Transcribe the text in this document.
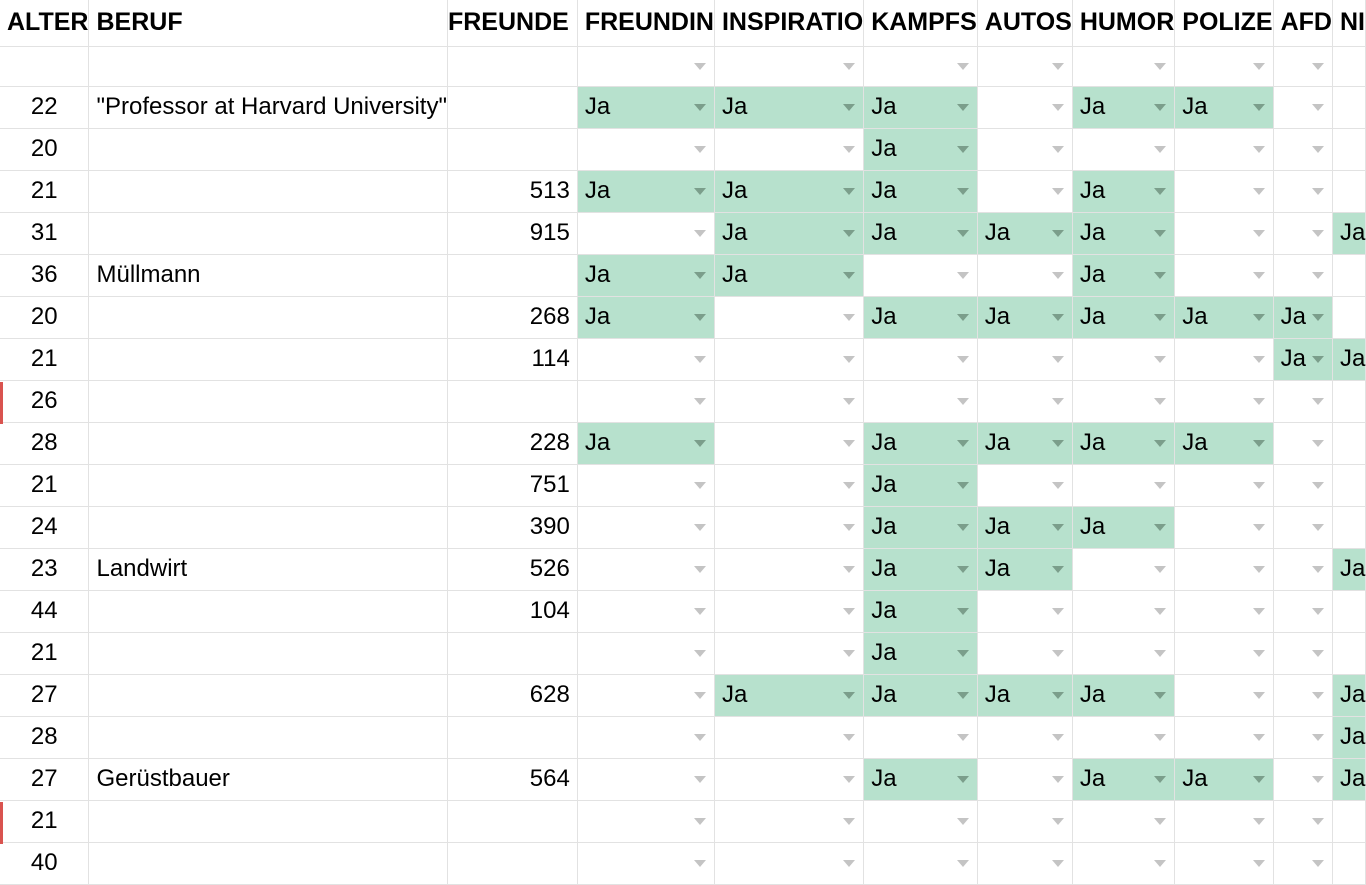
ALTER	BERUF	FREUNDE	FREUNDIN	INSPIRATIO	KAMPFS	AUTOS	HUMOR	POLIZE	AFD	NI

22	"Professor at Harvard University"		Ja	Ja	Ja		Ja	Ja

20					Ja

21		513	Ja	Ja	Ja		Ja

31		915		Ja	Ja	Ja	Ja			Ja
36	Müllmann		Ja	Ja			Ja

20		268	Ja		Ja	Ja	Ja	Ja	Ja

21		114							Ja	Ja
26			

28		228	Ja		Ja	Ja	Ja	Ja

21		751			Ja

24		390			Ja	Ja	Ja

23	Landwirt	526			Ja	Ja				Ja
44		104			Ja

21					Ja

27		628		Ja	Ja	Ja	Ja			Ja
28										Ja
27	Gerüstbauer	564			Ja		Ja	Ja		Ja
21			

40			
